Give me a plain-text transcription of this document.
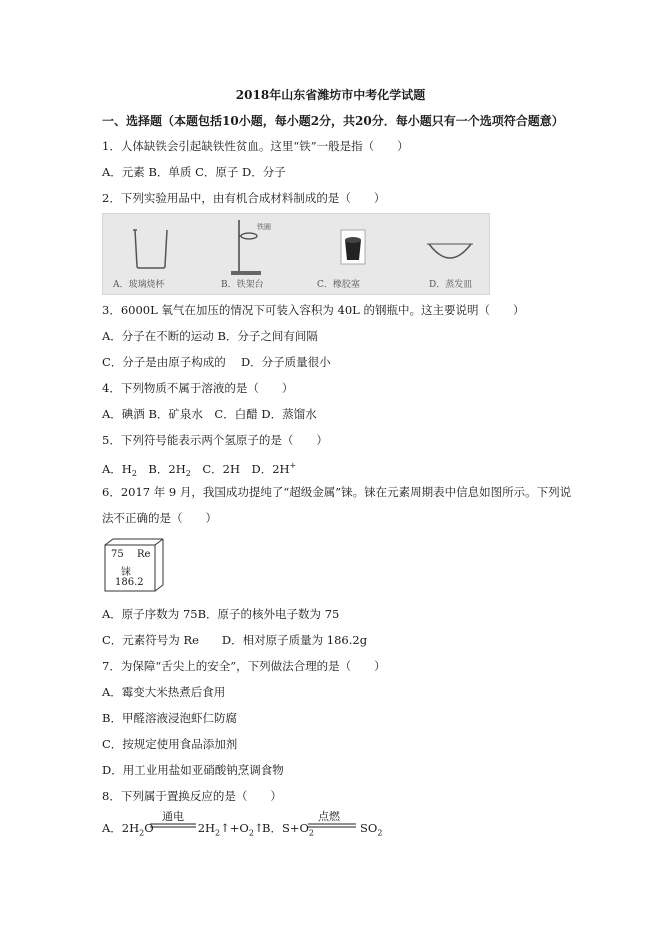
2018年山东省潍坊市中考化学试题
一、选择题（本题包括10小题，每小题2分，共20分．每小题只有一个选项符合题意）
1．人体缺铁会引起缺铁性贫血。这里“铁”一般是指（　　）
A．元素 B．单质 C．原子 D．分子
2．下列实验用品中，由有机合成材料制成的是（　　）
铁圈
A．玻璃烧杯	B．铁架台	C．橡胶塞	D．蒸发皿
3．6000L 氧气在加压的情况下可装入容积为 40L 的钢瓶中。这主要说明（　　）
A．分子在不断的运动 B．分子之间有间隔
C．分子是由原子构成的　 D．分子质量很小
4．下列物质不属于溶液的是（　　）
A．碘酒 B．矿泉水　C．白醋 D．蒸馏水
5．下列符号能表示两个氢原子的是（　　）
A．$H_2$　B．$2H_2$　C．2H　D．2H+
6．2017 年 9 月，我国成功提纯了“超级金属”铼。铼在元素周期表中信息如图所示。下列说
法不正确的是（　　）
75 Re
铼
186.2
A．原子序数为 75B．原子的核外电子数为 75
C．元素符号为 Re　　D．相对原子质量为 186.2g
7．为保障“舌尖上的安全”，下列做法合理的是（　　）
A．霉变大米热煮后食用
B．甲醛溶液浸泡虾仁防腐
C．按规定使用食品添加剂
D．用工业用盐如亚硝酸钠烹调食物
8．下列属于置换反应的是（　　）
A．$2H_2O$	$2H_2↑+O_2↑$
通电
B．$S+O_2$	$SO_2$
点燃
